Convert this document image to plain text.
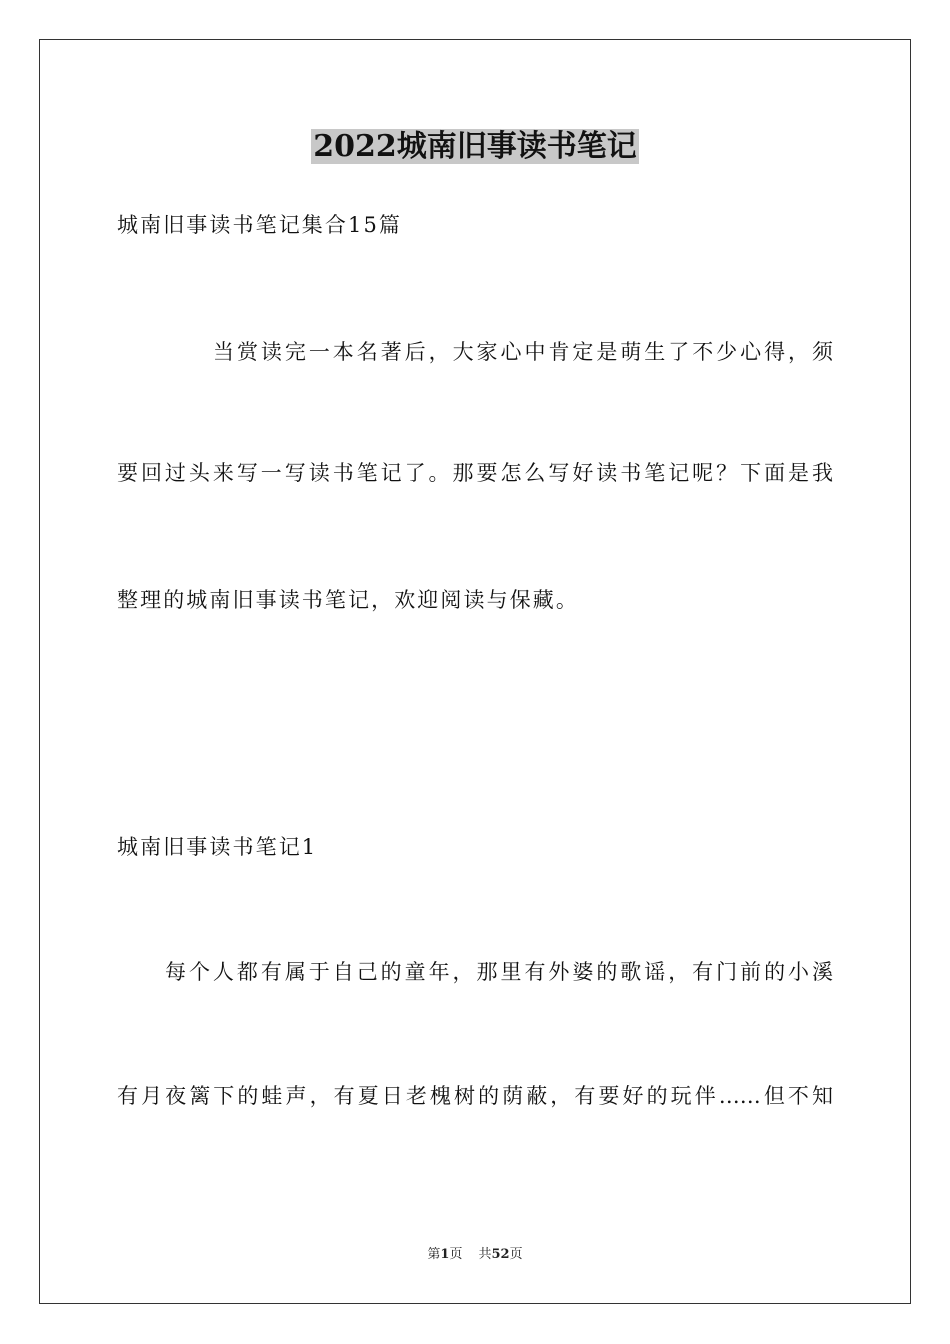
2022城南旧事读书笔记
城南旧事读书笔记集合15篇
当赏读完一本名著后，大家心中肯定是萌生了不少心得，须
要回过头来写一写读书笔记了。那要怎么写好读书笔记呢？下面是我
整理的城南旧事读书笔记，欢迎阅读与保藏。
城南旧事读书笔记1
每个人都有属于自己的童年，那里有外婆的歌谣，有门前的小溪
有月夜篱下的蛙声，有夏日老槐树的荫蔽，有要好的玩伴……但不知
第1页 共52页
